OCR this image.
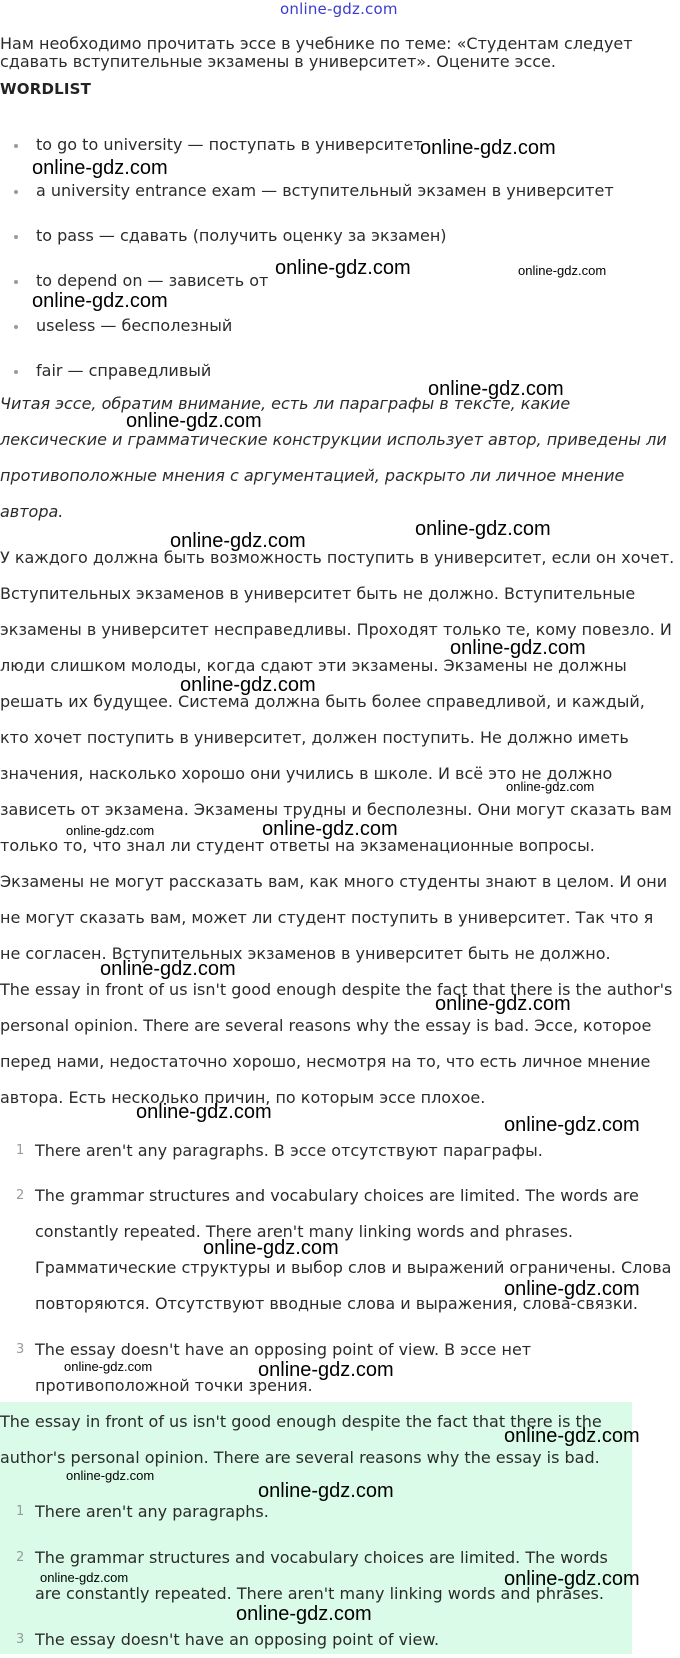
online-gdz.com
Нам необходимо прочитать эссе в учебнике по теме: «Студентам следует
сдавать вступительные экзамены в университет». Оцените эссе.
WORDLIST
to go to university — поступать в университет
a university entrance exam — вступительный экзамен в университет
to pass — сдавать (получить оценку за экзамен)
to depend on — зависеть от
useless — бесполезный
fair — справедливый
Читая эссе, обратим внимание, есть ли параграфы в тексте, какие лексические и грамматические конструкции использует автор, приведены ли противоположные мнения с аргументацией, раскрыто ли личное мнение автора.
У каждого должна быть возможность поступить в университет, если он хочет. Вступительных экзаменов в университет быть не должно. Вступительные экзамены в университет несправедливы. Проходят только те, кому повезло. И люди слишком молоды, когда сдают эти экзамены. Экзамены не должны решать их будущее. Система должна быть более справедливой, и каждый, кто хочет поступить в университет, должен поступить. Не должно иметь значения, насколько хорошо они учились в школе. И всё это не должно зависеть от экзамена. Экзамены трудны и бесполезны. Они могут сказать вам только то, что знал ли студент ответы на экзаменационные вопросы. Экзамены не могут рассказать вам, как много студенты знают в целом. И они не могут сказать вам, может ли студент поступить в университет. Так что я не согласен. Вступительных экзаменов в университет быть не должно.
The essay in front of us isn't good enough despite the fact that there is the author's personal opinion. There are several reasons why the essay is bad. Эссе, которое перед нами, недостаточно хорошо, несмотря на то, что есть личное мнение автора. Есть несколько причин, по которым эссе плохое.
1 There aren't any paragraphs. В эссе отсутствуют параграфы.
2 The grammar structures and vocabulary choices are limited. The words are constantly repeated. There aren't many linking words and phrases. Грамматические структуры и выбор слов и выражений ограничены. Слова повторяются. Отсутствуют вводные слова и выражения, слова-связки.
3 The essay doesn't have an opposing point of view. В эссе нет противоположной точки зрения.
The essay in front of us isn't good enough despite the fact that there is the author's personal opinion. There are several reasons why the essay is bad.
1 There aren't any paragraphs.
2 The grammar structures and vocabulary choices are limited. The words are constantly repeated. There aren't many linking words and phrases.
3 The essay doesn't have an opposing point of view.
online-gdz.com
online-gdz.com
online-gdz.com	online-gdz.com
online-gdz.com
online-gdz.com
online-gdz.com
online-gdz.com
online-gdz.com
online-gdz.com
online-gdz.com
online-gdz.com
online-gdz.com	online-gdz.com
online-gdz.com
online-gdz.com
online-gdz.com
online-gdz.com
online-gdz.com
online-gdz.com
online-gdz.com	online-gdz.com
online-gdz.com
online-gdz.com
online-gdz.com
online-gdz.com	online-gdz.com
online-gdz.com
